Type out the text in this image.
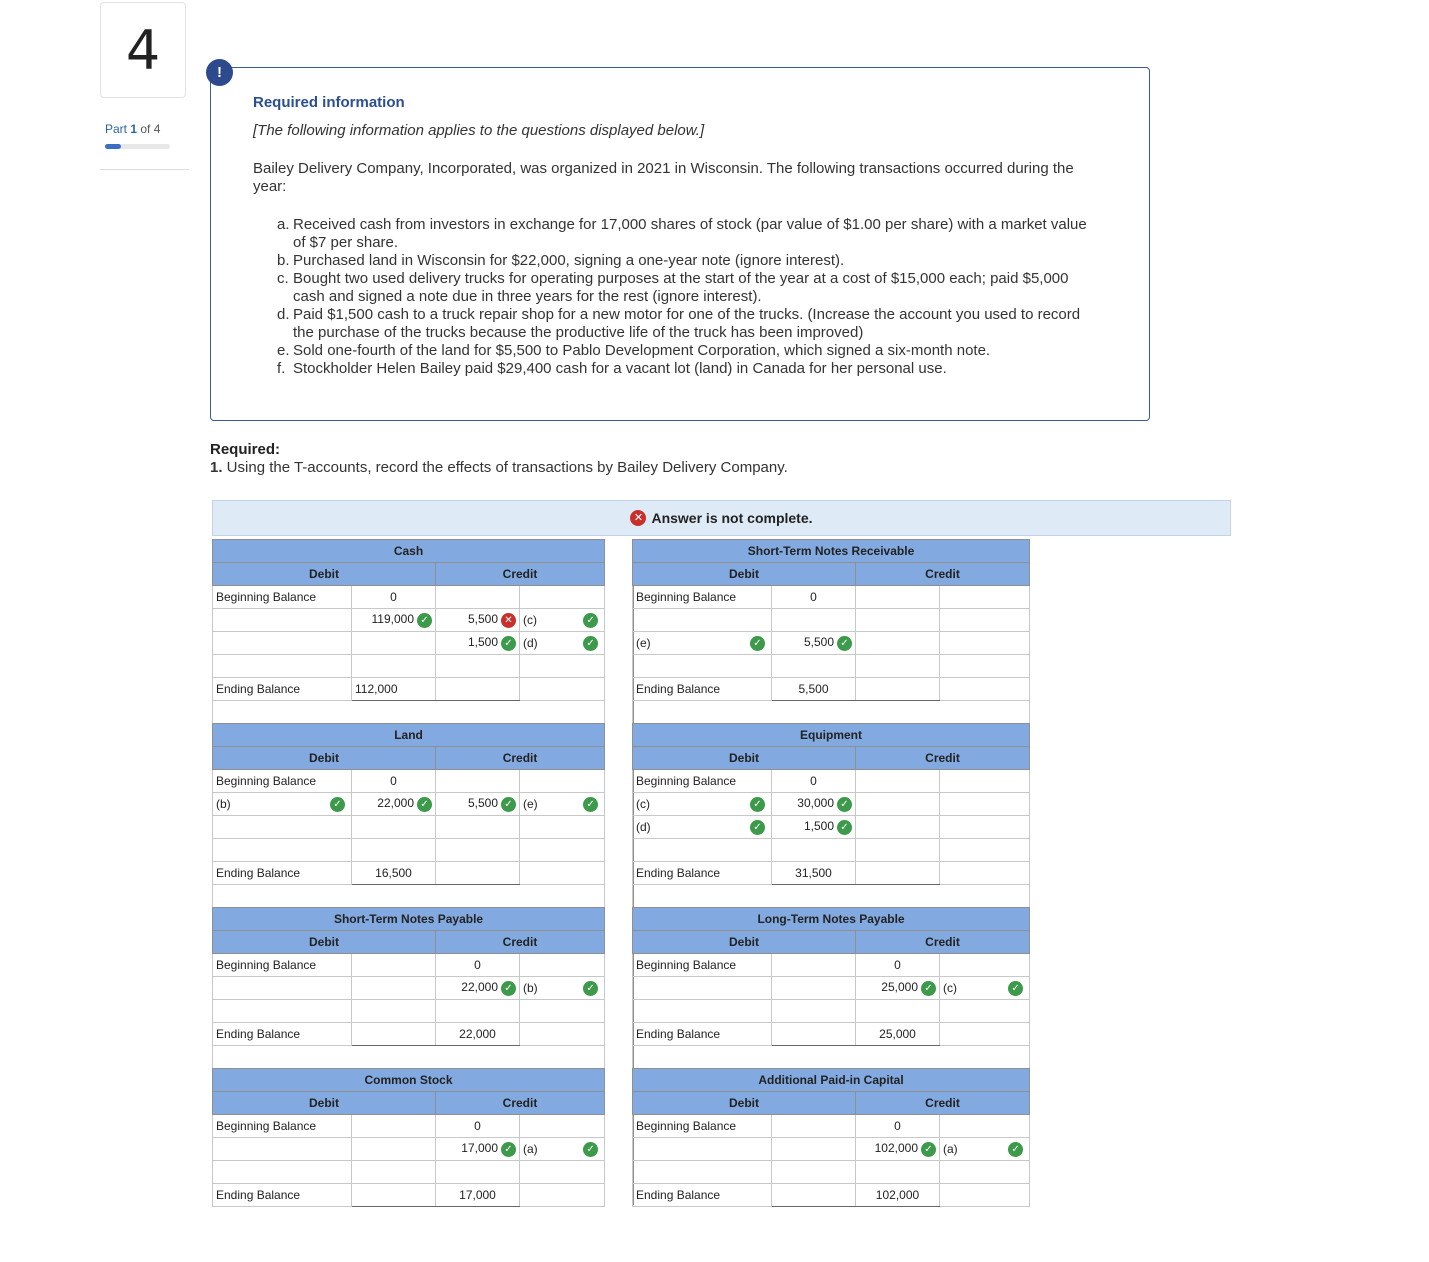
4
Part 1 of 4
!
Required information
[The following information applies to the questions displayed below.]
Bailey Delivery Company, Incorporated, was organized in 2021 in Wisconsin. The following transactions occurred during the year:
a. Received cash from investors in exchange for 17,000 shares of stock (par value of $1.00 per share) with a market value of $7 per share.
b. Purchased land in Wisconsin for $22,000, signing a one-year note (ignore interest).
c. Bought two used delivery trucks for operating purposes at the start of the year at a cost of $15,000 each; paid $5,000 cash and signed a note due in three years for the rest (ignore interest).
d. Paid $1,500 cash to a truck repair shop for a new motor for one of the trucks. (Increase the account you used to record the purchase of the trucks because the productive life of the truck has been improved)
e. Sold one-fourth of the land for $5,500 to Pablo Development Corporation, which signed a six-month note.
f. Stockholder Helen Bailey paid $29,400 cash for a vacant lot (land) in Canada for her personal use.
Required:
1. Using the T-accounts, record the effects of transactions by Bailey Delivery Company.
✕ Answer is not complete.
Cash			
Debit		Credit	
Beginning Balance	0		
	119,000 ✓	5,500 ✕	(c) ✓

		1,500 ✓	(d) ✓

Ending Balance	112,000		

Land			
Debit		Credit	
Beginning Balance	0		
(b) ✓	22,000 ✓	5,500 ✓	(e) ✓

Ending Balance	16,500		

Short-Term Notes Payable			
Debit		Credit	
Beginning Balance		0	
		22,000 ✓	(b) ✓

Ending Balance		22,000	

Common Stock			
Debit		Credit	
Beginning Balance		0	
		17,000 ✓	(a) ✓

Ending Balance		17,000	
Short-Term Notes Receivable			
Debit		Credit	
Beginning Balance	0		

(e) ✓	5,500 ✓		

Ending Balance	5,500		

Equipment			
Debit		Credit	
Beginning Balance	0		
(c) ✓	30,000 ✓		
(d) ✓	1,500 ✓		

Ending Balance	31,500		

Long-Term Notes Payable			
Debit		Credit	
Beginning Balance		0	
		25,000 ✓	(c) ✓

Ending Balance		25,000	

Additional Paid-in Capital			
Debit		Credit	
Beginning Balance		0	
		102,000 ✓	(a) ✓

Ending Balance		102,000	
